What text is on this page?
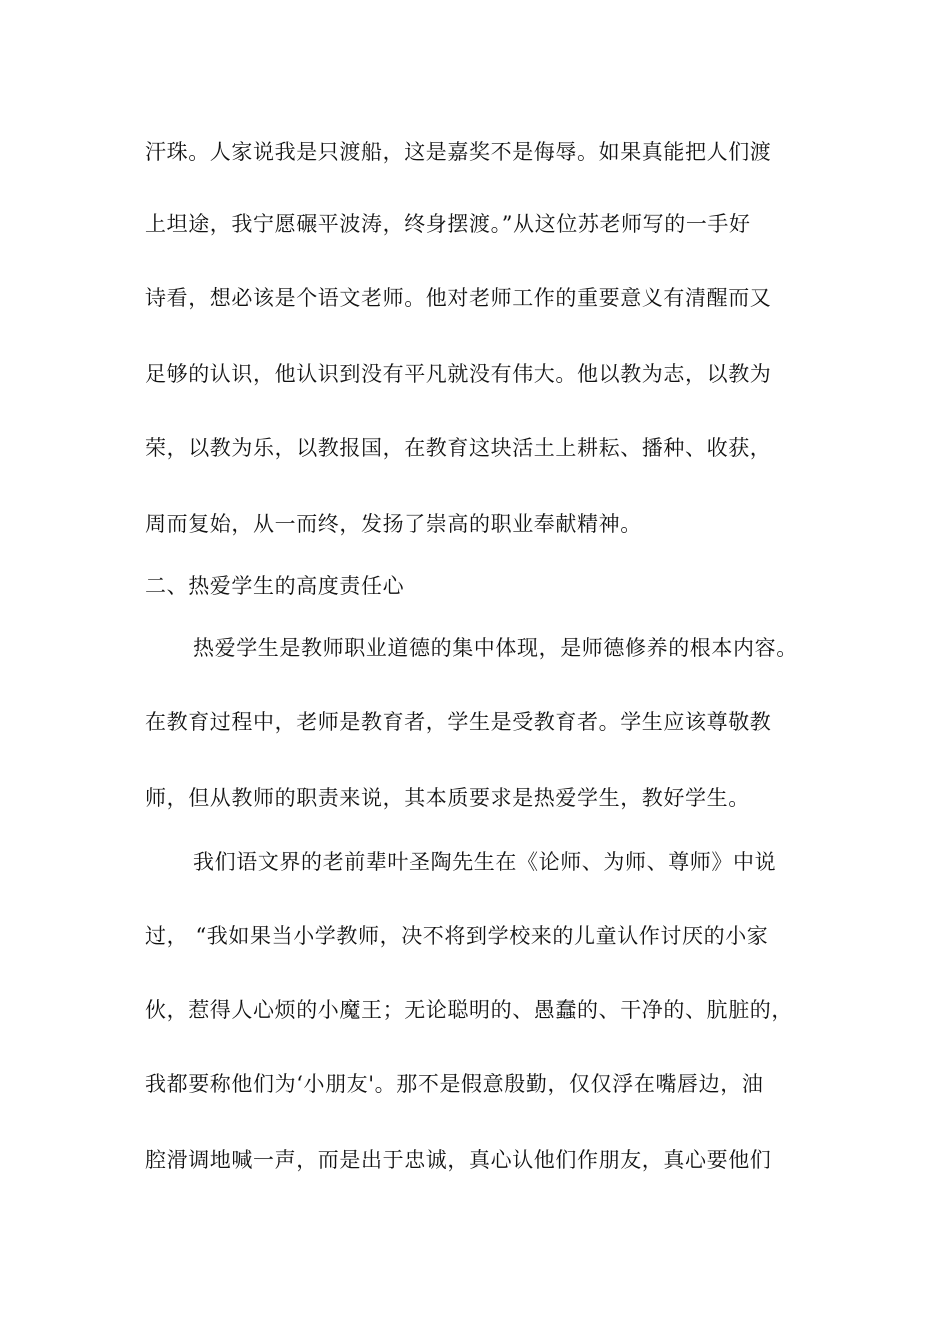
汗珠。人家说我是只渡船，这是嘉奖不是侮辱。如果真能把人们渡
上坦途，我宁愿碾平波涛，终身摆渡。”从这位苏老师写的一手好
诗看，想必该是个语文老师。他对老师工作的重要意义有清醒而又
足够的认识，他认识到没有平凡就没有伟大。他以教为志，以教为
荣，以教为乐，以教报国，在教育这块活土上耕耘、播种、收获，
周而复始，从一而终，发扬了崇高的职业奉献精神。
二、热爱学生的高度责任心
热爱学生是教师职业道德的集中体现，是师德修养的根本内容。
在教育过程中，老师是教育者，学生是受教育者。学生应该尊敬教
师，但从教师的职责来说，其本质要求是热爱学生，教好学生。
我们语文界的老前辈叶圣陶先生在《论师、为师、尊师》中说
过， “我如果当小学教师，决不将到学校来的儿童认作讨厌的小家
伙，惹得人心烦的小魔王；无论聪明的、愚蠢的、干净的、肮脏的，
我都要称他们为‘小朋友'。那不是假意殷勤，仅仅浮在嘴唇边，油
腔滑调地喊一声，而是出于忠诚，真心认他们作朋友，真心要他们
